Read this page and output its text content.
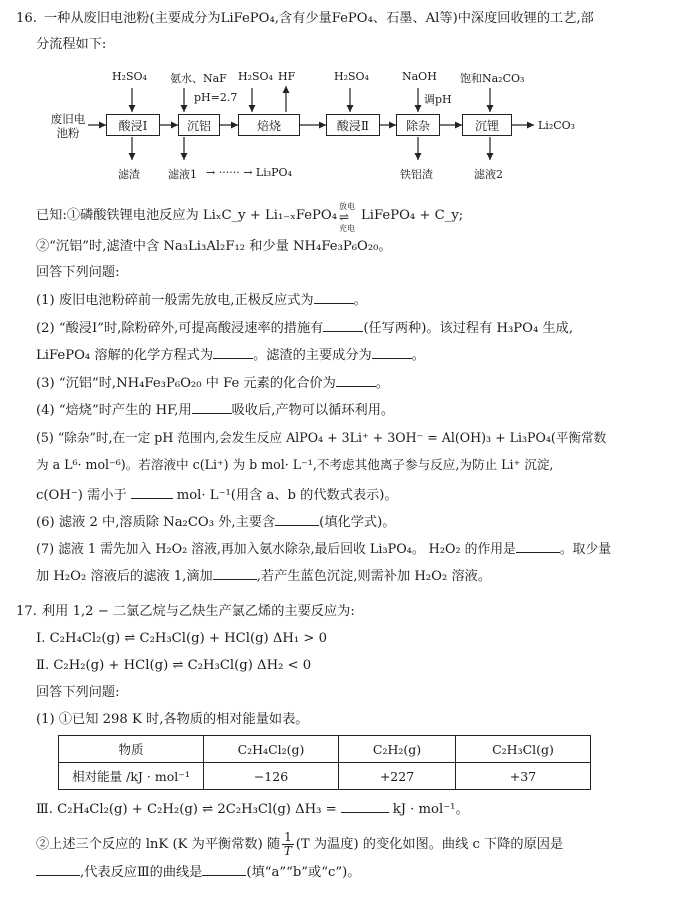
16. 一种从废旧电池粉(主要成分为LiFePO₄,含有少量FePO₄、石墨、Al等)中深度回收锂的工艺,部
分流程如下:
废旧电池粉	酸浸Ⅰ	沉铝	焙烧	酸浸Ⅱ	除杂	沉锂
H₂SO₄ 氨水、NaF
pH=2.7
H₂SO₄ HF	H₂SO₄	NaOH
调pH
饱和Na₂CO₃
滤渣	滤液1 → ······ → Li₃PO₄	铁铝渣	滤液2
Li₂CO₃
已知:①磷酸铁锂电池反应为 LiₓC_y + Li₁₋ₓFePO₄
放电
⇌
充电
LiFePO₄ + C_y;
②“沉铝”时,滤渣中含 Na₃Li₃Al₂F₁₂ 和少量 NH₄Fe₃P₆O₂₀。
回答下列问题:
(1) 废旧电池粉碎前一般需先放电,正极反应式为	。
(2) “酸浸Ⅰ”时,除粉碎外,可提高酸浸速率的措施有	(任写两种)。该过程有 H₃PO₄ 生成,
LiFePO₄ 溶解的化学方程式为	。滤渣的主要成分为	。
(3) “沉铝”时,NH₄Fe₃P₆O₂₀ 中 Fe 元素的化合价为	。
(4) “焙烧”时产生的 HF,用	吸收后,产物可以循环利用。
(5) “除杂”时,在一定 pH 范围内,会发生反应 AlPO₄ + 3Li⁺ + 3OH⁻ = Al(OH)₃ + Li₃PO₄(平衡常数
为 a L⁶· mol⁻⁶)。若溶液中 c(Li⁺) 为 b mol· L⁻¹,不考虑其他离子参与反应,为防止 Li⁺ 沉淀,
c(OH⁻) 需小于	mol· L⁻¹(用含 a、b 的代数式表示)。
(6) 滤液 2 中,溶质除 Na₂CO₃ 外,主要含	(填化学式)。
(7) 滤液 1 需先加入 H₂O₂ 溶液,再加入氨水除杂,最后回收 Li₃PO₄。 H₂O₂ 的作用是	。取少量
加 H₂O₂ 溶液后的滤液 1,滴加	,若产生蓝色沉淀,则需补加 H₂O₂ 溶液。
17. 利用 1,2 − 二氯乙烷与乙炔生产氯乙烯的主要反应为:
Ⅰ. C₂H₄Cl₂(g) ⇌ C₂H₃Cl(g) + HCl(g) ΔH₁ > 0
Ⅱ. C₂H₂(g) + HCl(g) ⇌ C₂H₃Cl(g) ΔH₂ < 0
回答下列问题:
(1) ①已知 298 K 时,各物质的相对能量如表。
物质	C₂H₄Cl₂(g)	C₂H₂(g)	C₂H₃Cl(g)
相对能量 /kJ · mol⁻¹	−126	+227	+37
Ⅲ. C₂H₄Cl₂(g) + C₂H₂(g) ⇌ 2C₂H₃Cl(g) ΔH₃ =	kJ · mol⁻¹。
②上述三个反应的 lnK (K 为平衡常数) 随 $\frac{1}{T} (T$ 为温度) 的变化如图。曲线 c 下降的原因是
,代表反应Ⅲ的曲线是	(填“a”“b”或“c”)。
